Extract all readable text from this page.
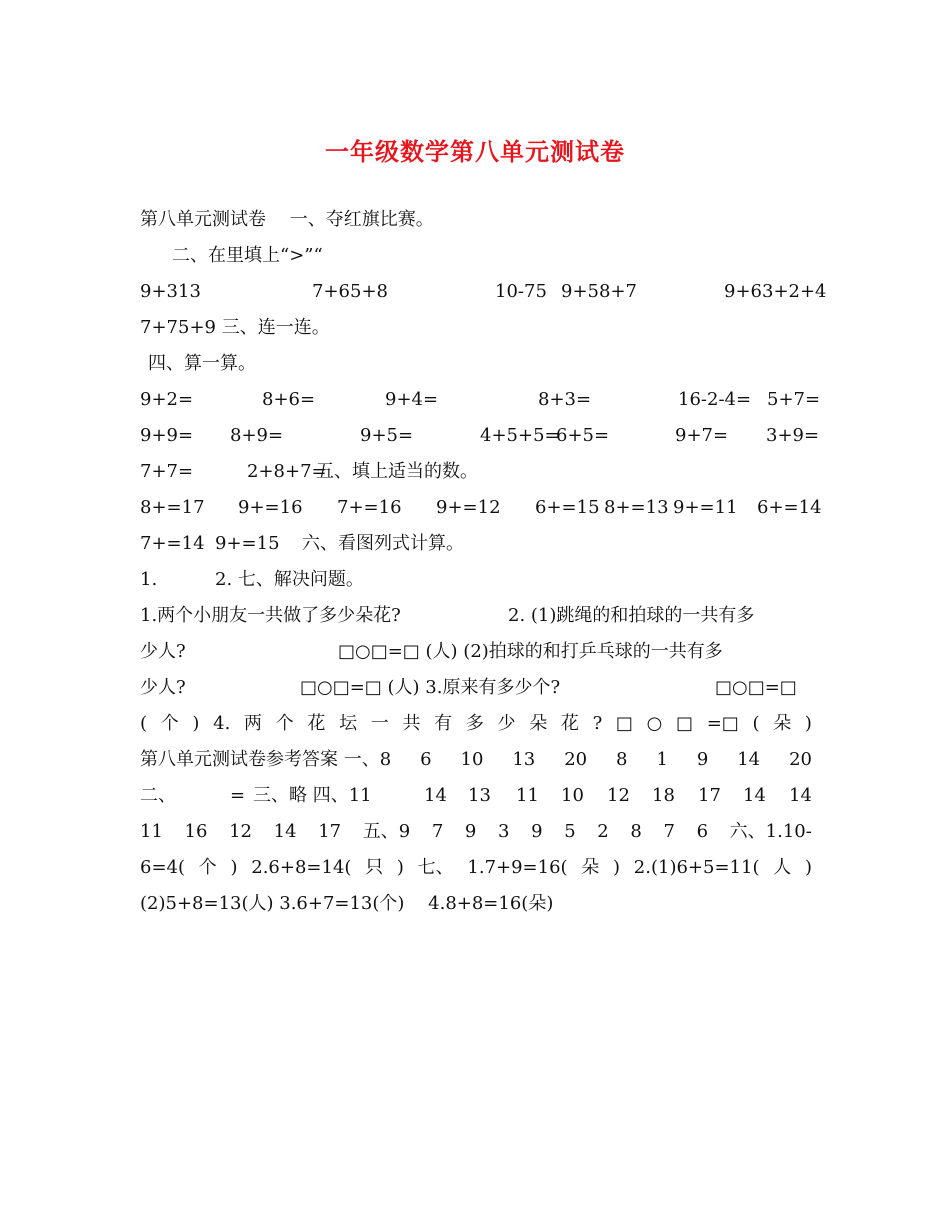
一年级数学第八单元测试卷
第八单元测试卷　 一、夺红旗比赛。
二、在里填上“>”“
9+313	7+65+8	10-75 9+58+7	9+63+2+4
7+75+9 三、连一连。
四、算一算。
9+2=	8+6=	9+4=	8+3=	16-2-4= 5+7=
9+9= 8+9=	9+5=	4+5+5=
6+5=	9+7= 3+9=
7+7=	2+8+7=
五、填上适当的数。
8+=17 9+=16 7+=16 9+=12 6+=15 8+=13 9+=11 6+=14
7+=14 9+=15 六、看图列式计算。
1.	2. 七、解决问题。
1.两个小朋友一共做了多少朵花?	2. (1)跳绳的和拍球的一共有多
少人?	□○□=□ (人) (2)拍球的和打乒乓球的一共有多
少人?	□○□=□ (人) 3.原来有多少个?	□○□=□
( 个 ) 4. 两 个 花 坛 一 共 有 多 少 朵 花 ? □ ○ □ =□ ( 朵 )
第八单元测试卷参考答案 一、8 6 10 13 20 8 1 9 14 20
二、	= 三、略 四、11	14 13 11 10 12 18 17 14 14
11 16 12 14 17 五、9 7 9 3 9 5 2 8 7 6 六、1.10-
6=4( 个 ) 2.6+8=14( 只 ) 七、 1.7+9=16( 朵 ) 2.(1)6+5=11( 人 )
(2)5+8=13(人) 3.6+7=13(个)　 4.8+8=16(朵)
